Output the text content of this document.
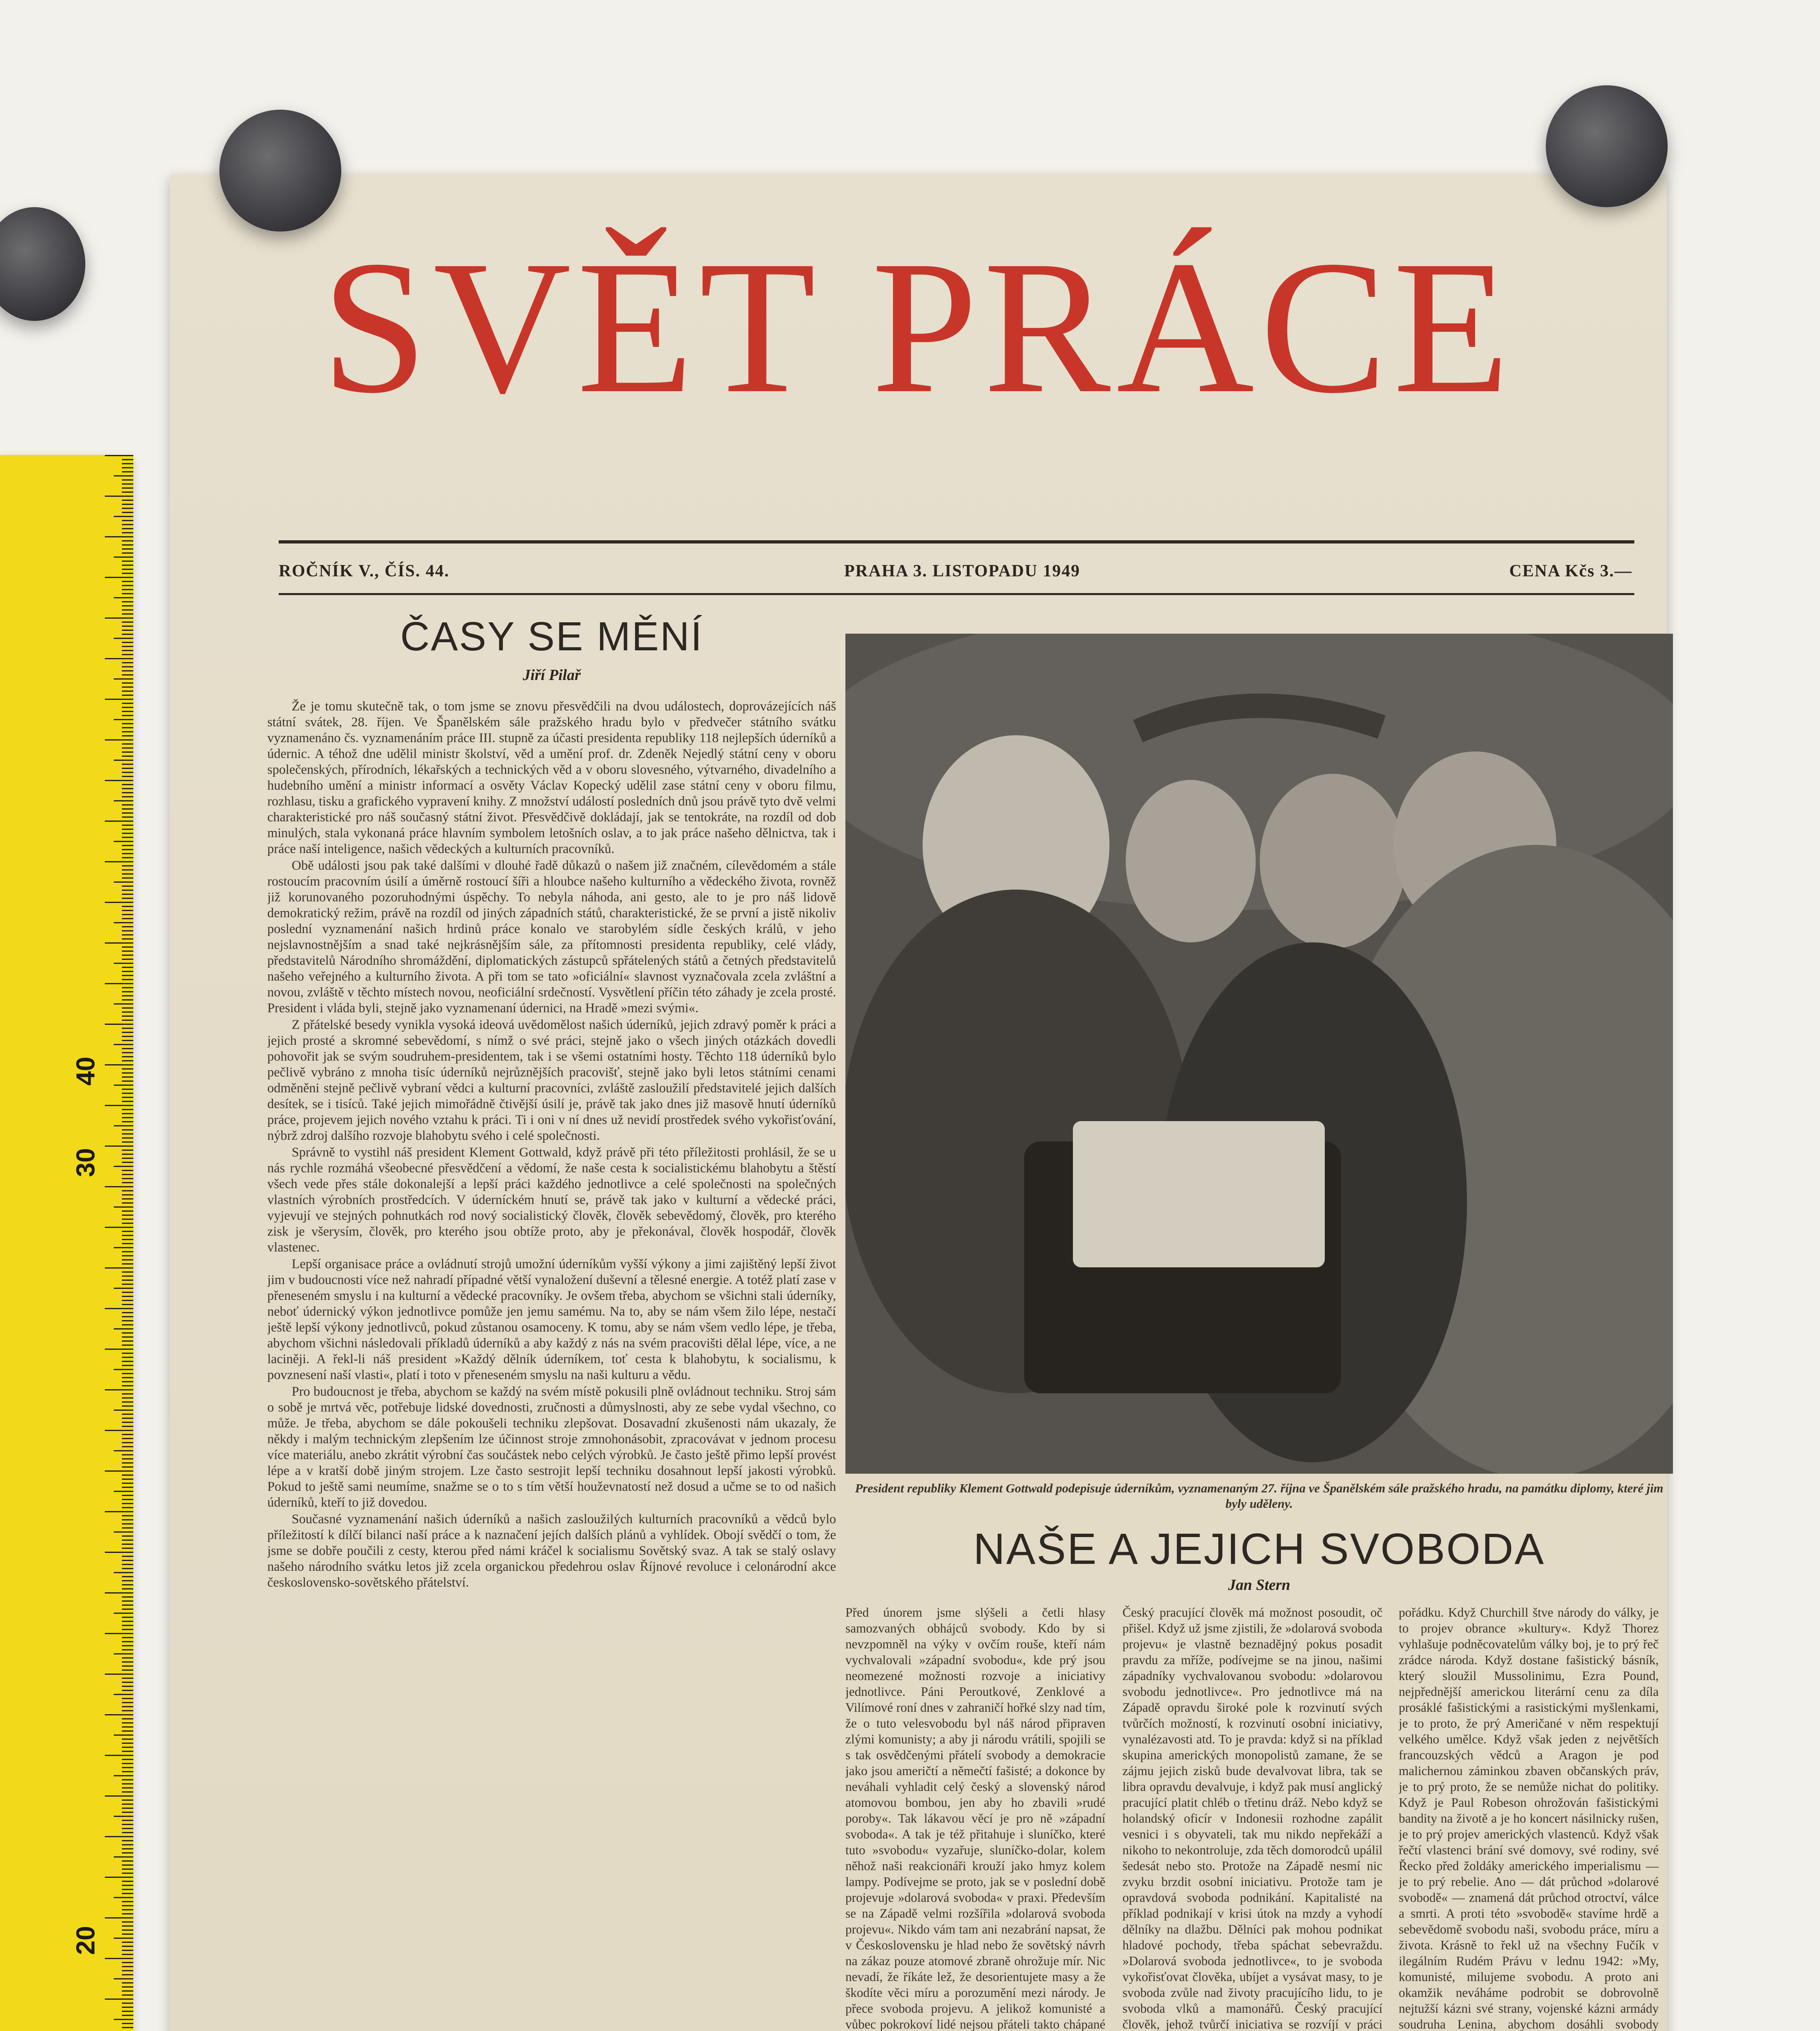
40
30
20
SVĚT PRÁCE
ROČNÍK V., ČÍS. 44.	PRAHA 3. LISTOPADU 1949	CENA Kčs 3.—
ČASY SE MĚNÍ
Jiří Pilař

Že je tomu skutečně tak, o tom jsme se znovu přesvědčili na dvou událostech, doprovázejících náš státní svátek, 28. říjen. Ve Španělském sále pražského hradu bylo v předvečer státního svátku vyznamenáno čs. vyznamenáním práce III. stupně za účasti presidenta republiky 118 nejlepších úderníků a údernic. A téhož dne udělil ministr školství, věd a umění prof. dr. Zdeněk Nejedlý státní ceny v oboru společenských, přírodních, lékařských a technických věd a v oboru slovesného, výtvarného, divadelního a hudebního umění a ministr informací a osvěty Václav Kopecký udělil zase státní ceny v oboru filmu, rozhlasu, tisku a grafického vypravení knihy. Z množství událostí posledních dnů jsou právě tyto dvě velmi charakteristické pro náš současný státní život. Přesvědčivě dokládají, jak se tentokráte, na rozdíl od dob minulých, stala vykonaná práce hlavním symbolem letošních oslav, a to jak práce našeho dělnictva, tak i práce naší inteligence, našich vědeckých a kulturních pracovníků.

Obě události jsou pak také dalšími v dlouhé řadě důkazů o našem již značném, cílevědomém a stále rostoucím pracovním úsilí a úměrně rostoucí šíři a hloubce našeho kulturního a vědeckého života, rovněž již korunovaného pozoruhodnými úspěchy. To nebyla náhoda, ani gesto, ale to je pro náš lidově demokratický režim, právě na rozdíl od jiných západních států, charakteristické, že se první a jistě nikoliv poslední vyznamenání našich hrdinů práce konalo ve starobylém sídle českých králů, v jeho nejslavnostnějším a snad také nejkrásnějším sále, za přítomnosti presidenta republiky, celé vlády, představitelů Národního shromáždění, diplomatických zástupců spřátelených států a četných představitelů našeho veřejného a kulturního života. A při tom se tato »oficiální« slavnost vyznačovala zcela zvláštní a novou, zvláště v těchto místech novou, neoficiální srdečností. Vysvětlení příčin této záhady je zcela prosté. President i vláda byli, stejně jako vyznamenaní údernici, na Hradě »mezi svými«.

Z přátelské besedy vynikla vysoká ideová uvědomělost našich úderníků, jejich zdravý poměr k práci a jejich prosté a skromné sebevědomí, s nímž o své práci, stejně jako o všech jiných otázkách dovedli pohovořit jak se svým soudruhem-presidentem, tak i se všemi ostatními hosty. Těchto 118 úderníků bylo pečlivě vybráno z mnoha tisíc úderníků nejrůznějších pracovišť, stejně jako byli letos státními cenami odměněni stejně pečlivě vybraní vědci a kulturní pracovníci, zvláště zasloužilí představitelé jejich dalších desítek, se i tisíců. Také jejich mimořádně čtivější úsilí je, právě tak jako dnes již masově hnutí úderníků práce, projevem jejich nového vztahu k práci. Ti i oni v ní dnes už nevidí prostředek svého vykořisťování, nýbrž zdroj dalšího rozvoje blahobytu svého i celé společnosti.

Správně to vystihl náš president Klement Gottwald, když právě při této příležitosti prohlásil, že se u nás rychle rozmáhá všeobecné přesvědčení a vědomí, že naše cesta k socialistickému blahobytu a štěstí všech vede přes stále dokonalejší a lepší práci každého jednotlivce a celé společnosti na společných vlastních výrobních prostředcích. V úderníckém hnutí se, právě tak jako v kulturní a vědecké práci, vyjevují ve stejných pohnutkách rod nový socialistický člověk, člověk sebevědomý, člověk, pro kterého zisk je všerysím, člověk, pro kterého jsou obtíže proto, aby je překonával, člověk hospodář, člověk vlastenec.

Lepší organisace práce a ovládnutí strojů umožní úderníkům vyšší výkony a jimi zajištěný lepší život jim v budoucnosti více než nahradí případné větší vynaložení duševní a tělesné energie. A totéž platí zase v přeneseném smyslu i na kulturní a vědecké pracovníky. Je ovšem třeba, abychom se všichni stali úderníky, neboť údernický výkon jednotlivce pomůže jen jemu samému. Na to, aby se nám všem žilo lépe, nestačí ještě lepší výkony jednotlivců, pokud zůstanou osamoceny. K tomu, aby se nám všem vedlo lépe, je třeba, abychom všichni následovali příkladů úderníků a aby každý z nás na svém pracovišti dělal lépe, více, a ne laciněji. A řekl-li náš president »Každý dělník úderníkem, toť cesta k blahobytu, k socialismu, k povznesení naší vlasti«, platí i toto v přeneseném smyslu na naši kulturu a vědu.

Pro budoucnost je třeba, abychom se každý na svém místě pokusili plně ovládnout techniku. Stroj sám o sobě je mrtvá věc, potřebuje lidské dovednosti, zručnosti a důmyslnosti, aby ze sebe vydal všechno, co může. Je třeba, abychom se dále pokoušeli techniku zlepšovat. Dosavadní zkušenosti nám ukazaly, že někdy i malým technickým zlepšením lze účinnost stroje zmnohonásobit, zpracovávat v jednom procesu více materiálu, anebo zkrátit výrobní čas součástek nebo celých výrobků. Je často ještě přimo lepší provést lépe a v kratší době jiným strojem. Lze často sestrojit lepší techniku dosahnout lepší jakosti výrobků. Pokud to ještě sami neumíme, snažme se o to s tím větší houževnatostí než dosud a učme se to od našich úderníků, kteří to již dovedou.

Současné vyznamenání našich úderníků a našich zasloužilých kulturních pracovníků a vědců bylo příležitostí k dílčí bilanci naší práce a k naznačení jejích dalších plánů a vyhlídek. Obojí svědčí o tom, že jsme se dobře poučili z cesty, kterou před námi kráčel k socialismu Sovětský svaz. A tak se stalý oslavy našeho národního svátku letos již zcela organickou předehrou oslav Říjnové revoluce i celonárodní akce československo-sovětského přátelství.

President republiky Klement Gottwald podepisuje úderníkům, vyznamenaným 27. října ve Španělském sále pražského hradu, na památku diplomy, které jim byly uděleny.
NAŠE A JEJICH SVOBODA
Jan Stern
Před únorem jsme slýšeli a četli hlasy samozvaných obhájců svobody. Kdo by si nevzpomněl na výky v ovčím rouše, kteří nám vychvalovali »západní svobodu«, kde prý jsou neomezené možnosti rozvoje a iniciativy jednotlivce. Páni Peroutkové, Zenklové a Vilímové roní dnes v zahraničí hořké slzy nad tím, že o tuto velesvobodu byl náš národ připraven zlými komunisty; a aby ji národu vrátili, spojili se s tak osvědčenými přátelí svobody a demokracie jako jsou američtí a němečtí fašisté; a dokonce by neváhali vyhladit celý český a slovenský národ atomovou bombou, jen aby ho zbavili »rudé poroby«. Tak lákavou věcí je pro ně »západní svoboda«. A tak je též přitahuje i sluníčko, které tuto »svobodu« vyzařuje, sluníčko-dolar, kolem něhož naši reakcionáři krouží jako hmyz kolem lampy. Podívejme se proto, jak se v poslední době projevuje »dolarová svoboda« v praxi. Především se na Západě velmi rozšířila »dolarová svoboda projevu«. Nikdo vám tam ani nezabrání napsat, že v Československu je hlad nebo že sovětský návrh na zákaz pouze atomové zbraně ohrožuje mír. Nic nevadí, že říkáte lež, že desorientujete masy a že škodíte věci míru a porozumění mezi národy. Je přece svoboda projevu. A jelikož komunisté a vůbec pokrokoví lidé nejsou přáteli takto chápané
Český pracující člověk má možnost posoudit, oč přišel. Když už jsme zjistili, že »dolarová svoboda projevu« je vlastně beznadějný pokus posadit pravdu za mříže, podívejme se na jinou, našimi západníky vychvalovanou svobodu: »dolarovou svobodu jednotlivce«. Pro jednotlivce má na Západě opravdu široké pole k rozvinutí svých tvůrčích možností, k rozvinutí osobní iniciativy, vynalézavosti atd. To je pravda: když si na příklad skupina amerických monopolistů zamane, že se zájmu jejich zisků bude devalvovat libra, tak se libra opravdu devalvuje, i když pak musí anglický pracující platit chléb o třetinu dráž. Nebo když se holandský oficír v Indonesii rozhodne zapálit vesnici i s obyvateli, tak mu nikdo nepřekáží a nikoho to nekontroluje, zda těch domorodců upálil šedesát nebo sto. Protože na Západě nesmí nic zvyku brzdit osobní iniciativu. Protože tam je opravdová svoboda podnikání. Kapitalisté na příklad podnikají v krisi útok na mzdy a vyhodí dělníky na dlažbu. Dělníci pak mohou podnikat hladové pochody, třeba spáchat sebevraždu. »Dolarová svoboda jednotlivce«, to je svoboda vykořisťovat člověka, ubíjet a vysávat masy, to je svoboda zvůle nad životy pracujícího lidu, to je svoboda vlků a mamonářů. Český pracující člověk, jehož tvůrčí iniciativa se rozvíjí v práci
pořádku. Když Churchill štve národy do války, je to projev obrance »kultury«. Když Thorez vyhlašuje podněcovatelům války boj, je to prý řeč zrádce národa. Když dostane fašistický básník, který sloužil Mussolinimu, Ezra Pound, nejpřednější americkou literární cenu za díla prosáklé fašistickými a rasistickými myšlenkami, je to proto, že prý Američané v něm respektují velkého umělce. Když však jeden z největších francouzských vědců a Aragon je pod malichernou záminkou zbaven občanských práv, je to prý proto, že se nemůže nichat do politiky. Když je Paul Robeson ohrožován fašistickými bandity na životě a je ho koncert násilnicky rušen, je to prý projev amerických vlastenců. Když však řečtí vlastenci brání své domovy, své rodiny, své Řecko před žoldáky amerického imperialismu — je to prý rebelie. Ano — dát průchod »dolarové svobodě« — znamená dát průchod otroctví, válce a smrti. A proti této »svobodě« stavíme hrdě a sebevědomě svobodu naši, svobodu práce, míru a života. Krásně to řekl už na všechny Fučík v ilegálním Rudém Právu v lednu 1942: »My, komunisté, milujeme svobodu. A proto ani okamžik neváháme podrobit se dobrovolně nejtužší kázni své strany, vojenské kázni armády soudruha Lenina, abychom dosáhli svobody
